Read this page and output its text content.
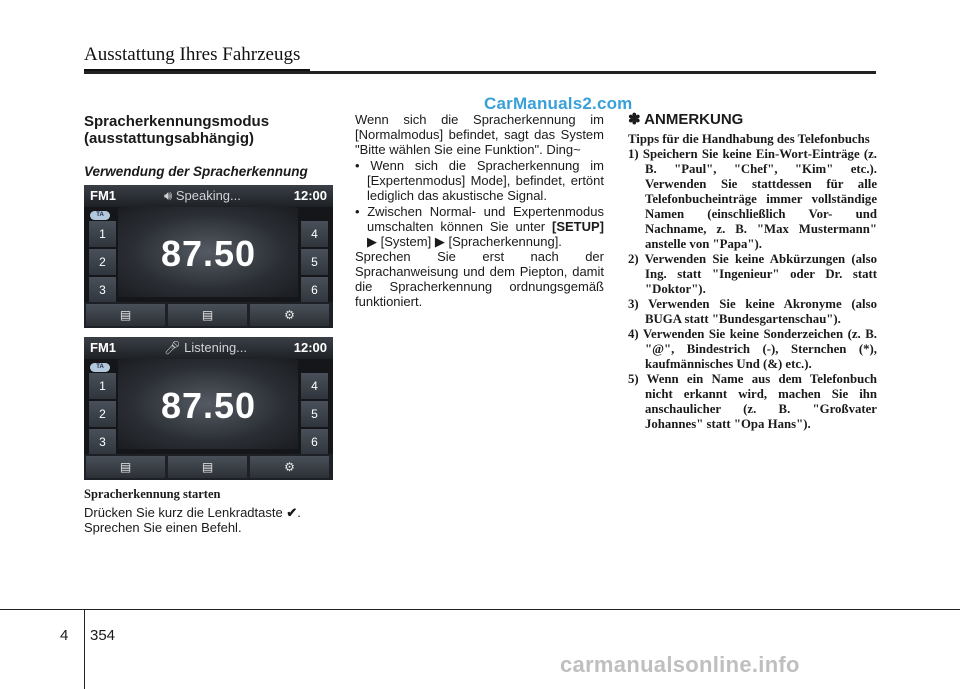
Ausstattung Ihres Fahrzeugs
CarManuals2.com
Spracherkennungsmodus (ausstattungsabhängig)
Verwendung der Spracherkennung
FM1	🔊︎ Speaking...	12:00
TA
1
2
3
4
5
6
87.50
▤	▤	⚙
FM1	🎤︎ Listening...	12:00
TA
1
2
3
4
5
6
87.50
▤	▤	⚙
Spracherkennung starten
Drücken Sie kurz die Lenkradtaste ✔.
Sprechen Sie einen Befehl.
Wenn sich die Spracherkennung im [Normalmodus] befindet, sagt das System "Bitte wählen Sie eine Funktion". Ding~
• Wenn sich die Spracherkennung im [Expertenmodus] Mode], befindet, ertönt lediglich das akustische Signal.
• Zwischen Normal- und Expertenmodus umschalten können Sie unter [SETUP] ▶ [System] ▶ [Spracherkennung].
Sprechen Sie erst nach der Sprachanweisung und dem Piepton, damit die Spracherkennung ordnungsgemäß funktioniert.
✽ ANMERKUNG
Tipps für die Handhabung des Telefonbuchs
1) Speichern Sie keine Ein-Wort-Einträge (z. B. "Paul", "Chef", "Kim" etc.). Verwenden Sie stattdessen für alle Telefonbucheinträge immer vollständige Namen (einschließlich Vor- und Nachname, z. B. "Max Mustermann" anstelle von "Papa").
2) Verwenden Sie keine Abkürzungen (also Ing. statt "Ingenieur" oder Dr. statt "Doktor").
3) Verwenden Sie keine Akronyme (also BUGA statt "Bundesgartenschau").
4) Verwenden Sie keine Sonderzeichen (z. B. "@", Bindestrich (-), Sternchen (*), kaufmännisches Und (&) etc.).
5) Wenn ein Name aus dem Telefonbuch nicht erkannt wird, machen Sie ihn anschaulicher (z. B. "Großvater Johannes" statt "Opa Hans").
4 354
carmanualsonline.info
